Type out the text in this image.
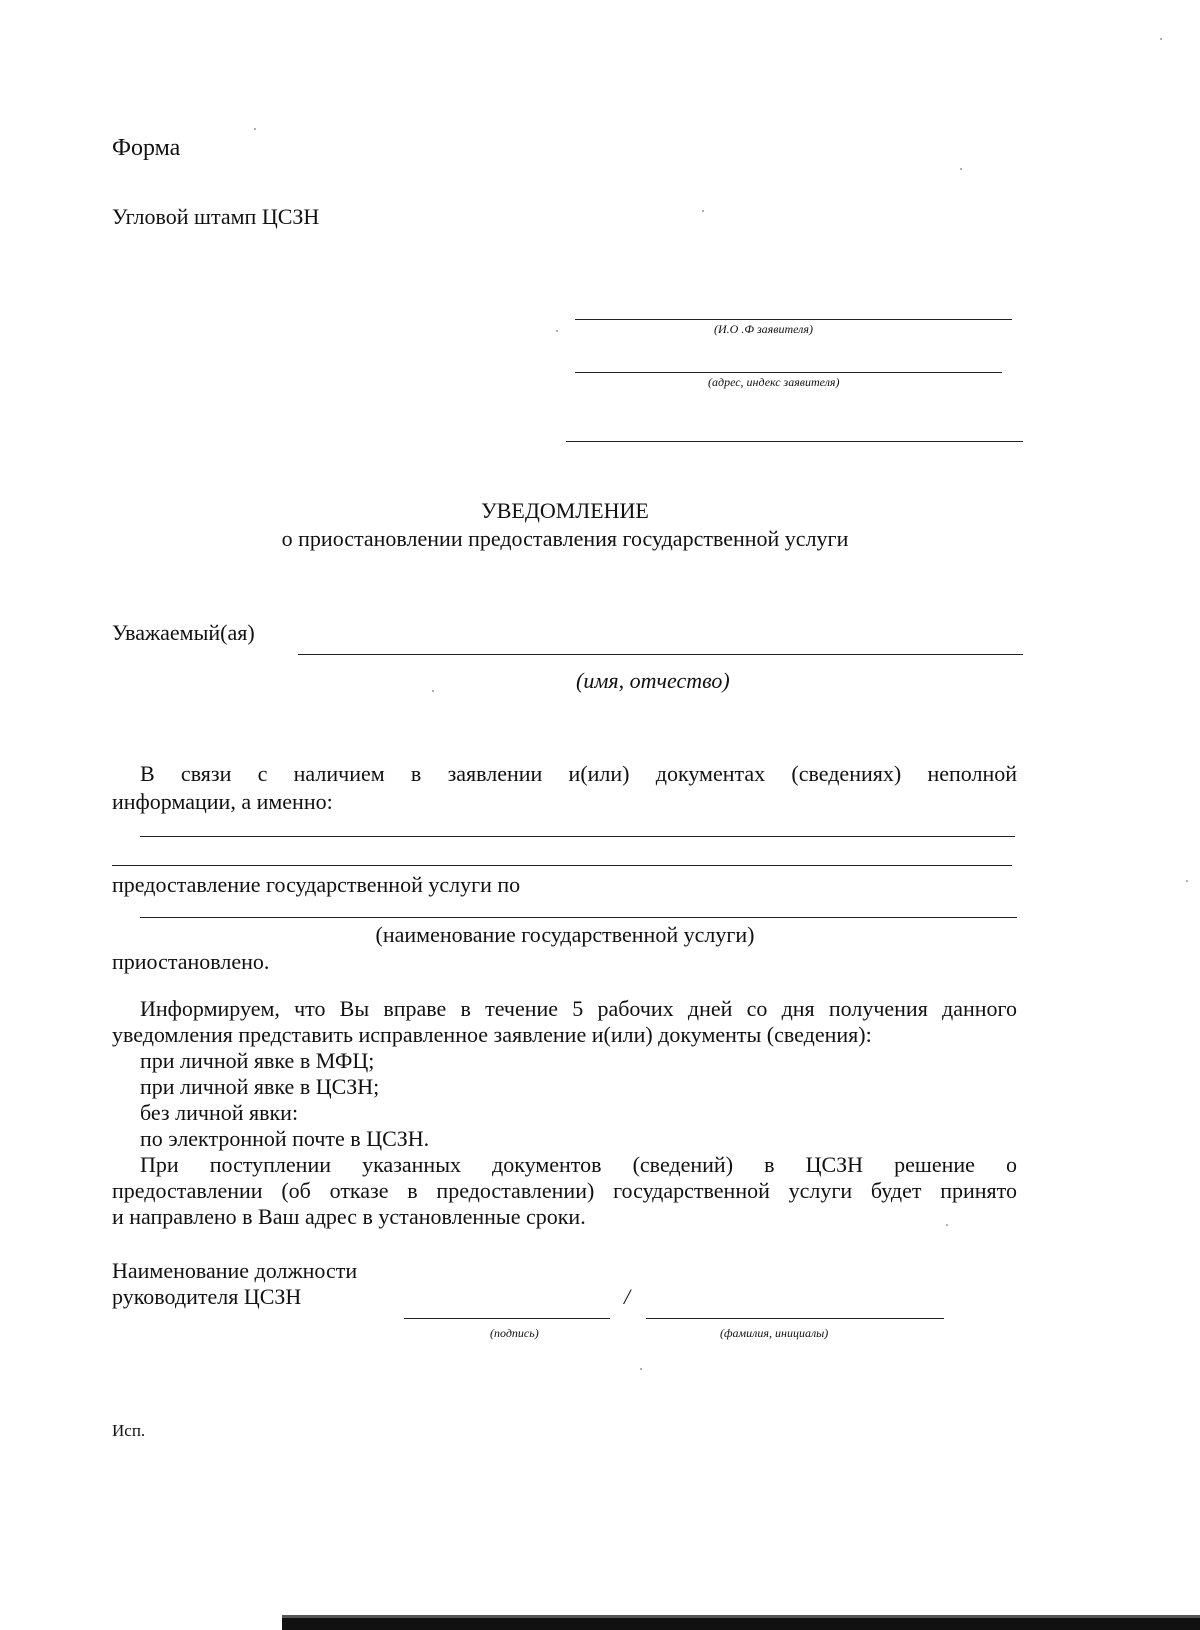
Форма
Угловой штамп ЦСЗН
(И.О .Ф заявителя)
(адрес, индекс заявителя)
УВЕДОМЛЕНИЕ
о приостановлении предоставления государственной услуги
Уважаемый(ая)
(имя, отчество)
В связи с наличием в заявлении и(или) документах (сведениях) неполной
информации, а именно:
предоставление государственной услуги по
(наименование государственной услуги)
приостановлено.
Информируем, что Вы вправе в течение 5 рабочих дней со дня получения данного
уведомления представить исправленное заявление и(или) документы (сведения):
при личной явке в МФЦ;
при личной явке в ЦСЗН;
без личной явки:
по электронной почте в ЦСЗН.
При поступлении указанных документов (сведений) в ЦСЗН решение о
предоставлении (об отказе в предоставлении) государственной услуги будет принято
и направлено в Ваш адрес в установленные сроки.
Наименование должности
руководителя ЦСЗН	/
(подпись)	(фамилия, инициалы)
Исп.
